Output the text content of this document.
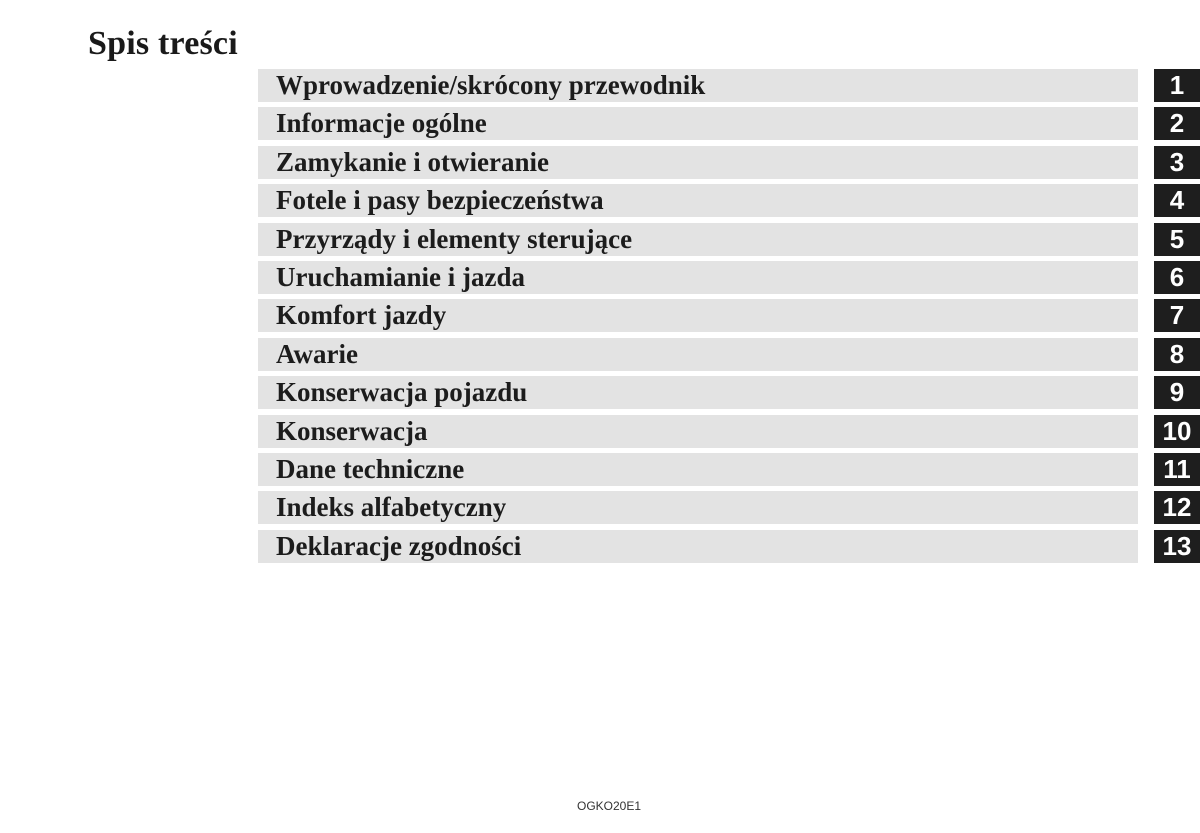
Spis treści
Wprowadzenie/skrócony przewodnik	1
Informacje ogólne	2
Zamykanie i otwieranie	3
Fotele i pasy bezpieczeństwa	4
Przyrządy i elementy sterujące	5
Uruchamianie i jazda	6
Komfort jazdy	7
Awarie	8
Konserwacja pojazdu	9
Konserwacja	10
Dane techniczne	11
Indeks alfabetyczny	12
Deklaracje zgodności	13
OGKO20E1
